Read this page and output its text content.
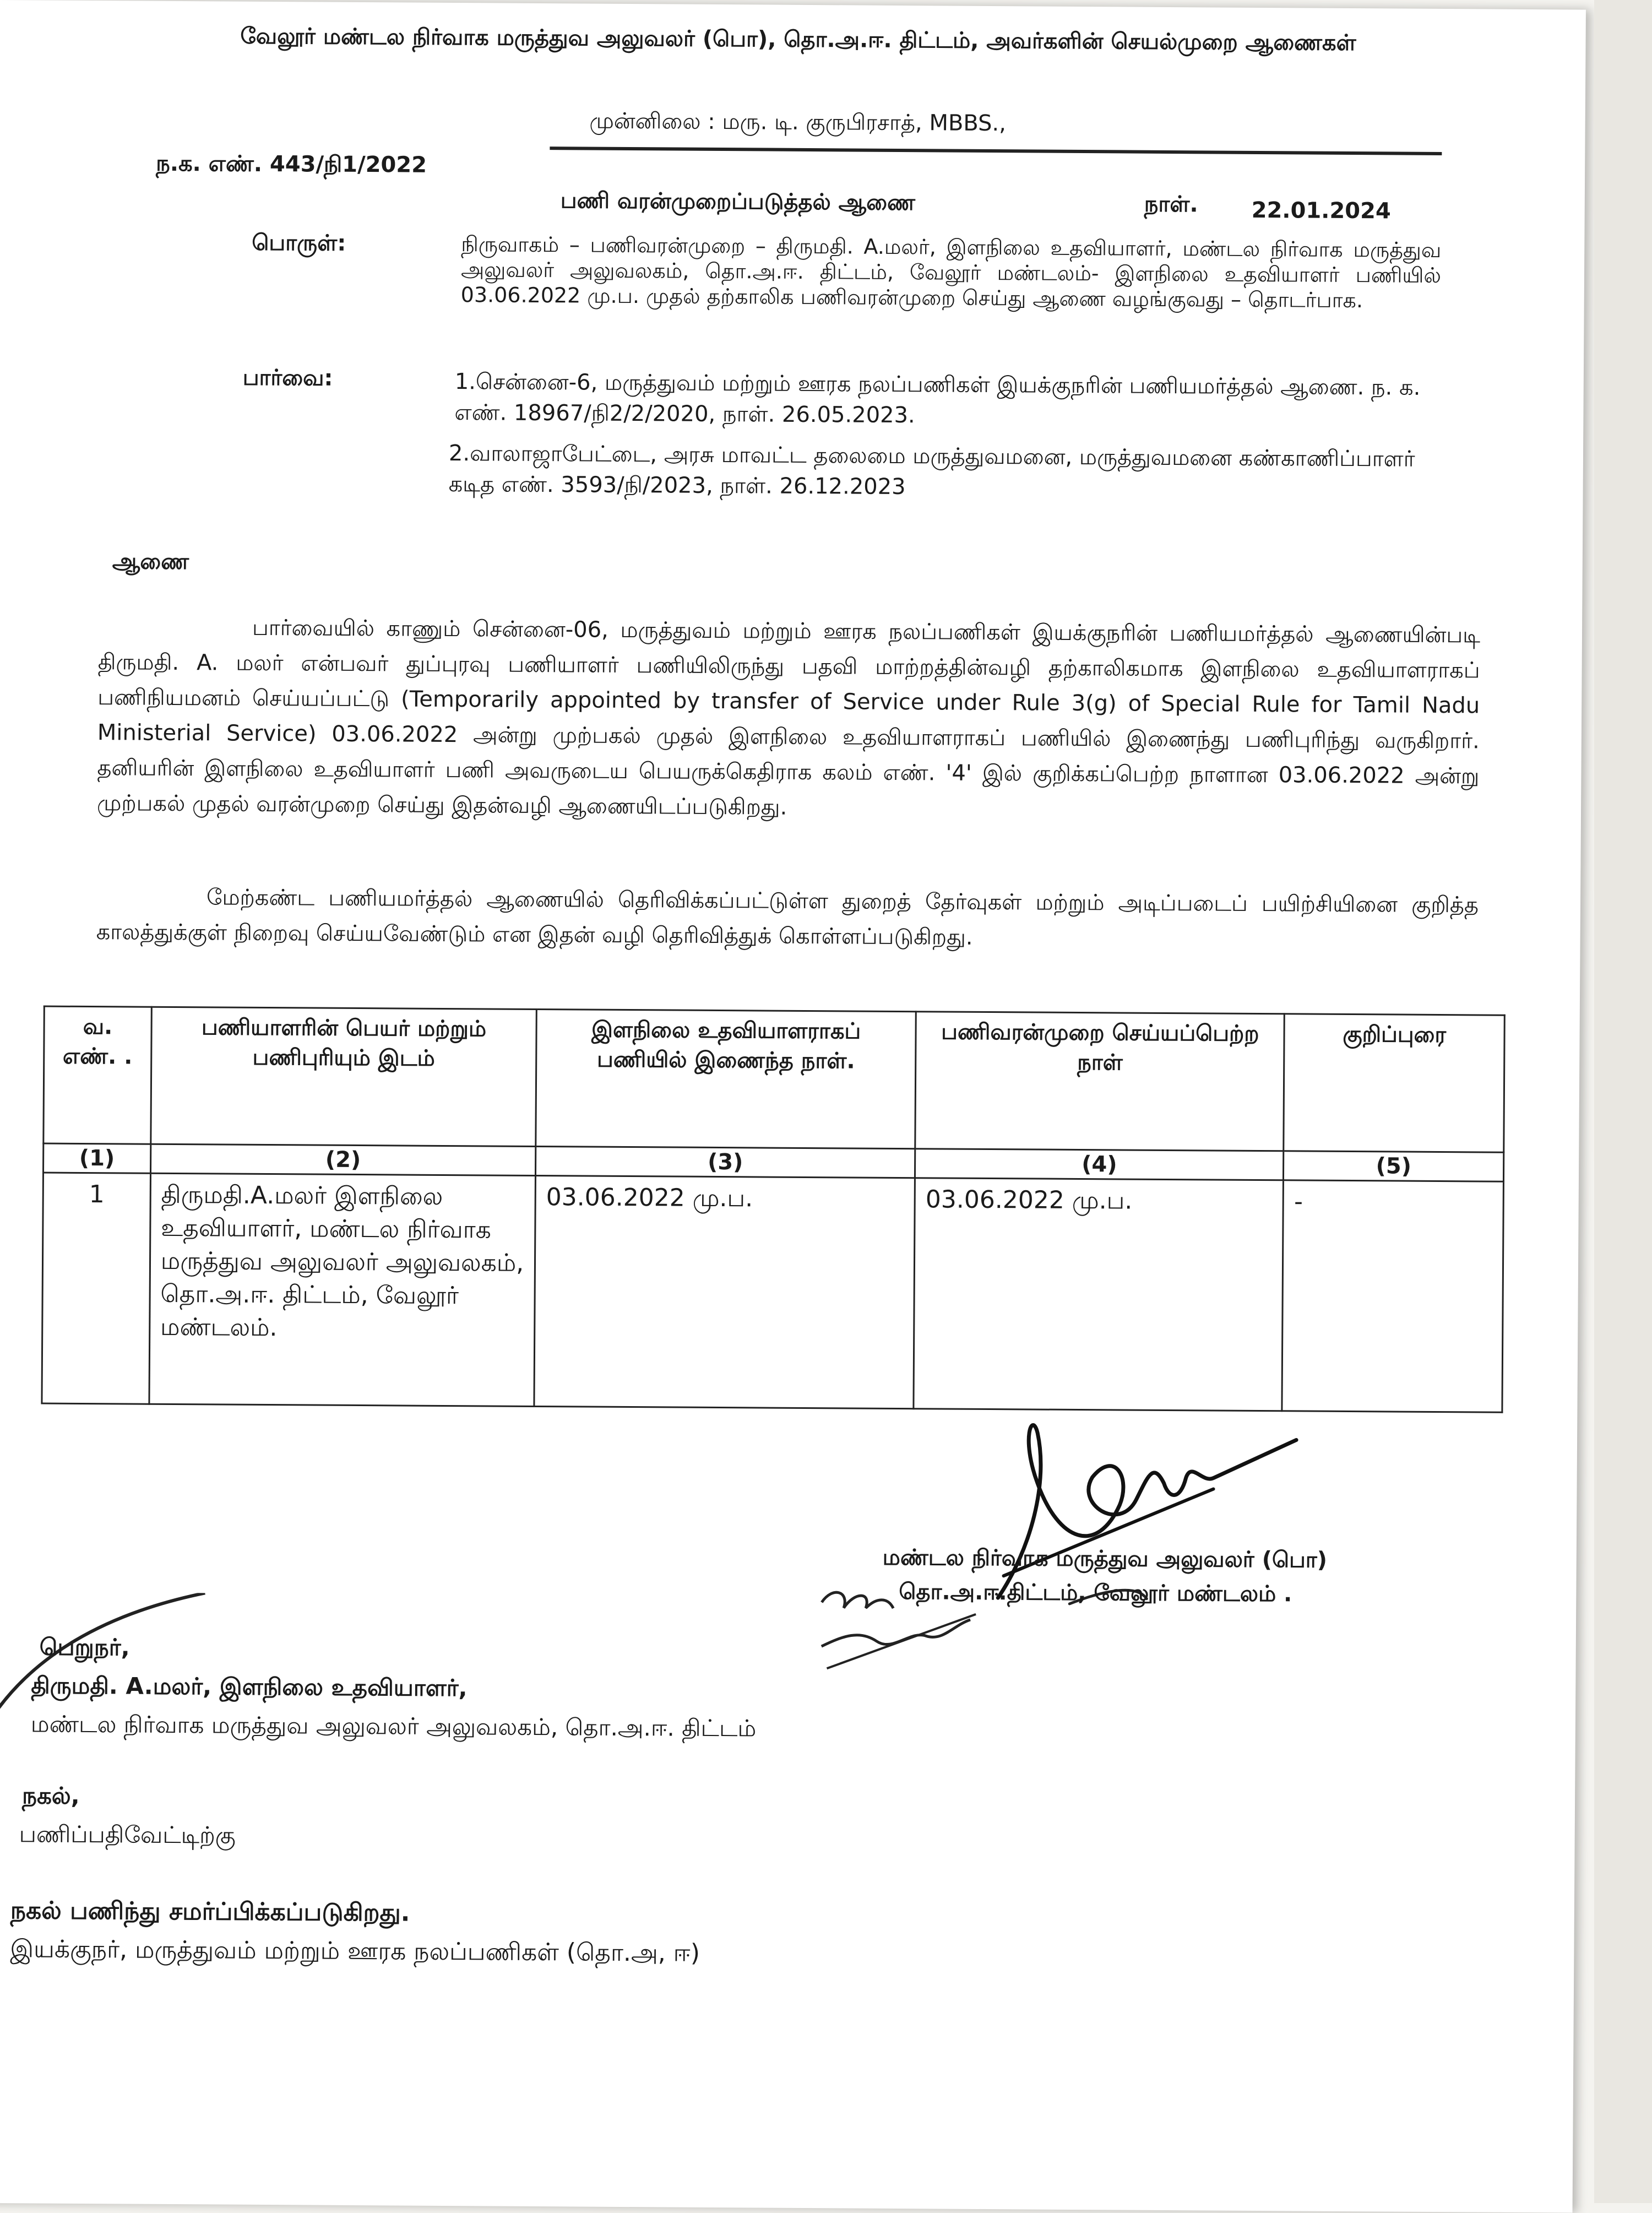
வேலூர் மண்டல நிர்வாக மருத்துவ அலுவலர் (பொ), தொ.அ.ஈ. திட்டம், அவர்களின் செயல்முறை ஆணைகள்
முன்னிலை : மரு. டி. குருபிரசாத், MBBS.,
ந.க. எண். 443/நி1/2022
பணி வரன்முறைப்படுத்தல் ஆணை	நாள். 22.01.2024
பொருள்:	நிருவாகம் – பணிவரன்முறை – திருமதி. A.மலர், இளநிலை உதவியாளர், மண்டல நிர்வாக மருத்துவ அலுவலர் அலுவலகம், தொ.அ.ஈ. திட்டம், வேலூர் மண்டலம்- இளநிலை உதவியாளர் பணியில் 03.06.2022 மு.ப. முதல் தற்காலிக பணிவரன்முறை செய்து ஆணை வழங்குவது – தொடர்பாக.
பார்வை:	1.சென்னை-6, மருத்துவம் மற்றும் ஊரக நலப்பணிகள் இயக்குநரின் பணியமர்த்தல் ஆணை. ந. க. எண். 18967/நி2/2/2020, நாள். 26.05.2023.
2.வாலாஜாபேட்டை, அரசு மாவட்ட தலைமை மருத்துவமனை, மருத்துவமனை கண்காணிப்பாளர் கடித எண். 3593/நி/2023, நாள். 26.12.2023
ஆணை
பார்வையில் காணும் சென்னை-06, மருத்துவம் மற்றும் ஊரக நலப்பணிகள் இயக்குநரின் பணியமர்த்தல் ஆணையின்படி திருமதி. A. மலர் என்பவர் துப்புரவு பணியாளர் பணியிலிருந்து பதவி மாற்றத்தின்வழி தற்காலிகமாக இளநிலை உதவியாளராகப் பணிநியமனம் செய்யப்பட்டு (Temporarily appointed by transfer of Service under Rule 3(g) of Special Rule for Tamil Nadu Ministerial Service) 03.06.2022 அன்று முற்பகல் முதல் இளநிலை உதவியாளராகப் பணியில் இணைந்து பணிபுரிந்து வருகிறார். தனியரின் இளநிலை உதவியாளர் பணி அவருடைய பெயருக்கெதிராக கலம் எண். '4' இல் குறிக்கப்பெற்ற நாளான 03.06.2022 அன்று முற்பகல் முதல் வரன்முறை செய்து இதன்வழி ஆணையிடப்படுகிறது.
மேற்கண்ட பணியமர்த்தல் ஆணையில் தெரிவிக்கப்பட்டுள்ள துறைத் தேர்வுகள் மற்றும் அடிப்படைப் பயிற்சியினை குறித்த காலத்துக்குள் நிறைவு செய்யவேண்டும் என இதன் வழி தெரிவித்துக் கொள்ளப்படுகிறது.
வ. எண். .	பணியாளரின் பெயர் மற்றும் பணிபுரியும் இடம்	இளநிலை உதவியாளராகப் பணியில் இணைந்த நாள்.	பணிவரன்முறை செய்யப்பெற்ற நாள்	குறிப்புரை
(1)	(2)	(3)	(4)	(5)
1	திருமதி.A.மலர் இளநிலை உதவியாளர், மண்டல நிர்வாக மருத்துவ அலுவலர் அலுவலகம், தொ.அ.ஈ. திட்டம், வேலூர் மண்டலம்.	03.06.2022 மு.ப.	03.06.2022 மு.ப.	-
மண்டல நிர்வாக மருத்துவ அலுவலர் (பொ)
தொ.அ.ஈ.திட்டம், வேலூர் மண்டலம் .
பெறுநர்,
திருமதி. A.மலர், இளநிலை உதவியாளர்,
மண்டல நிர்வாக மருத்துவ அலுவலர் அலுவலகம், தொ.அ.ஈ. திட்டம்
நகல்,
பணிப்பதிவேட்டிற்கு
நகல் பணிந்து சமர்ப்பிக்கப்படுகிறது.
இயக்குநர், மருத்துவம் மற்றும் ஊரக நலப்பணிகள் (தொ.அ, ஈ)
